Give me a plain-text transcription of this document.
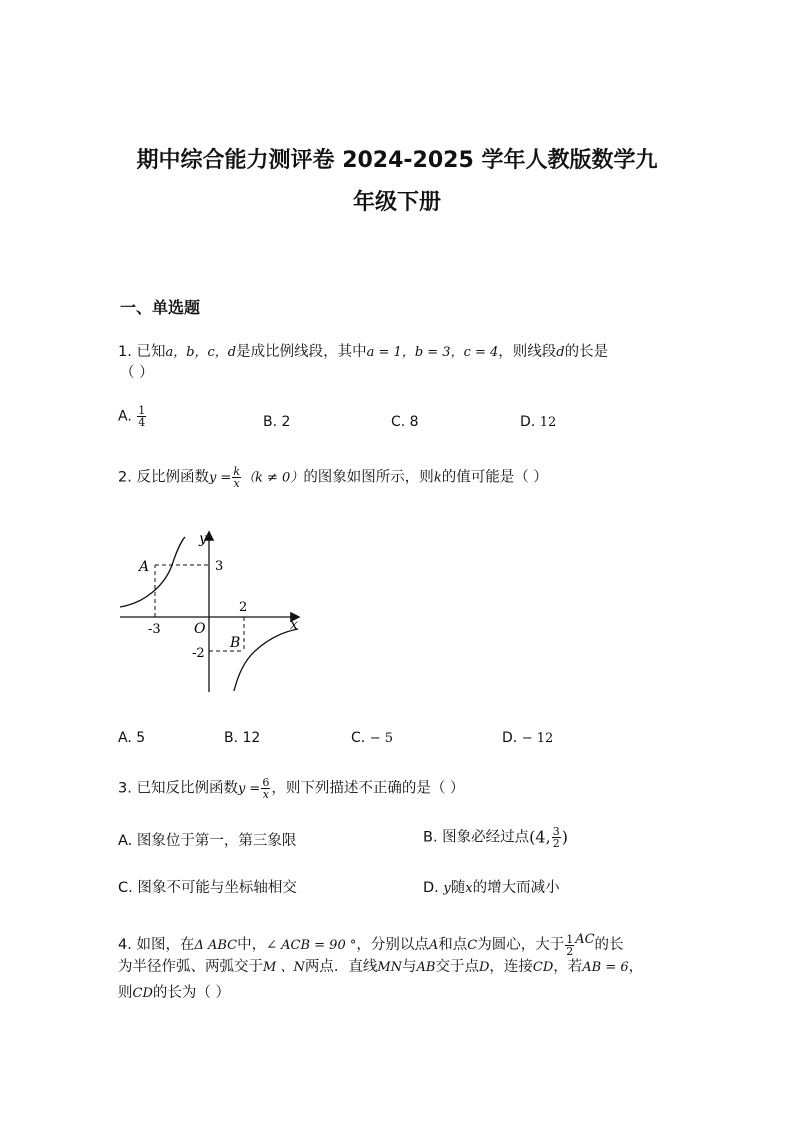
期中综合能力测评卷 2024-2025 学年人教版数学九
年级下册
一、单选题
1. 已知a，b，c，d是成比例线段，其中a = 1，b = 3，c = 4，则线段d的长是
（ ）
A. $\frac{1}{4}$	B. 2	C. 8	D. 12
2. 反比例函数$y = \frac{k}{x} (k \ne 0)$的图象如图所示，则k的值可能是（ ）
y
x
O
A
B
3
-3
2
-2
A. 5	B. 12	C. − 5	D. − 12
3. 已知反比例函数$y = \frac{6}{x}$ ，则下列描述不正确的是（ ）
A. 图象位于第一，第三象限	B. 图象必经过点(4, $\frac{3}{2}$ )
C. 图象不可能与坐标轴相交	D. y随x的增大而减小
4. 如图，在Δ ABC中，∠ ACB = 90 °，分别以点A和点C为圆心，大于 $\frac{1}{2}$ AC的长
为半径作弧、两弧交于M 、N两点．直线MN与AB交于点D，连接CD，若AB = 6，
则CD的长为（ ）
